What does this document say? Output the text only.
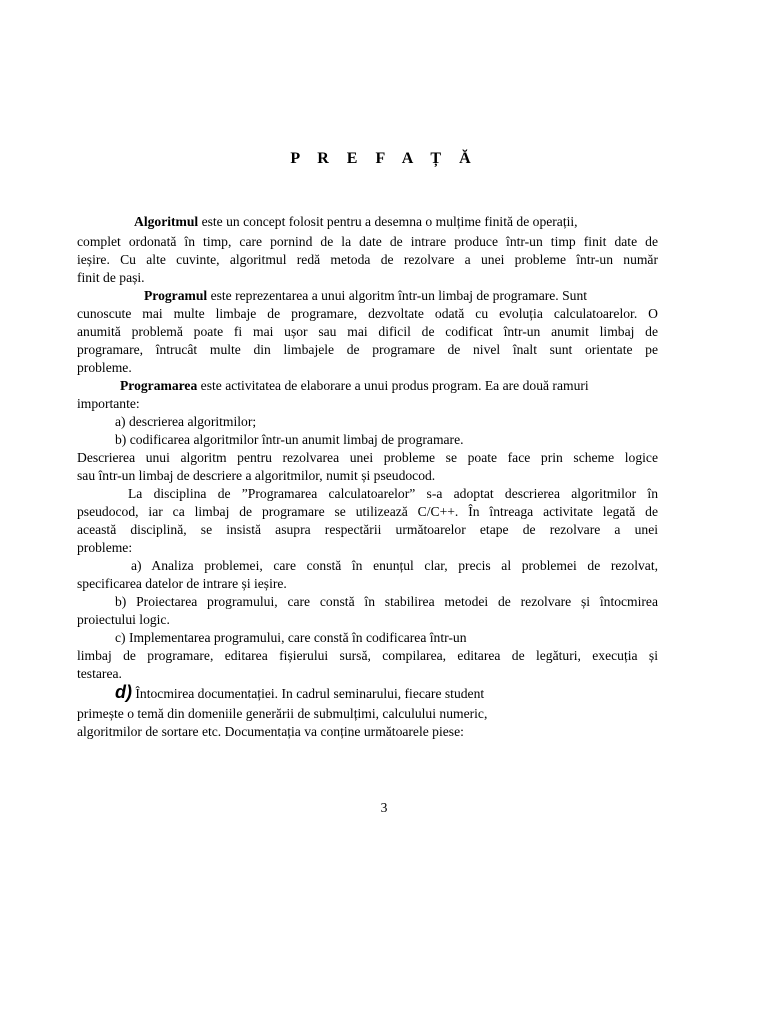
P R E F A Ț Ă
Algoritmul este un concept folosit pentru a desemna o mulțime finită de operații,
complet ordonată în timp, care pornind de la date de intrare produce într-un timp finit date de
ieșire. Cu alte cuvinte, algoritmul redă metoda de rezolvare a unei probleme într-un număr
finit de pași.
Programul este reprezentarea a unui algoritm într-un limbaj de programare. Sunt
cunoscute mai multe limbaje de programare, dezvoltate odată cu evoluția calculatoarelor. O
anumită problemă poate fi mai ușor sau mai dificil de codificat într-un anumit limbaj de
programare, întrucât multe din limbajele de programare de nivel înalt sunt orientate pe
probleme.
Programarea este activitatea de elaborare a unui produs program. Ea are două ramuri
importante:
a) descrierea algoritmilor;
b) codificarea algoritmilor într-un anumit limbaj de programare.
Descrierea unui algoritm pentru rezolvarea unei probleme se poate face prin scheme logice
sau într-un limbaj de descriere a algoritmilor, numit și pseudocod.
La disciplina de ”Programarea calculatoarelor” s-a adoptat descrierea algoritmilor în
pseudocod, iar ca limbaj de programare se utilizează C/C++. În întreaga activitate legată de
această disciplină, se insistă asupra respectării următoarelor etape de rezolvare a unei
probleme:
a) Analiza problemei, care constă în enunțul clar, precis al problemei de rezolvat,
specificarea datelor de intrare și ieșire.
b) Proiectarea programului, care constă în stabilirea metodei de rezolvare și întocmirea
proiectului logic.
c) Implementarea programului, care constă în codificarea într-un
limbaj de programare, editarea fișierului sursă, compilarea, editarea de legături, execuția și
testarea.
d) Întocmirea documentației. In cadrul seminarului, fiecare student
primește o temă din domeniile generării de submulțimi, calculului numeric,
algoritmilor de sortare etc. Documentația va conține următoarele piese:
3
